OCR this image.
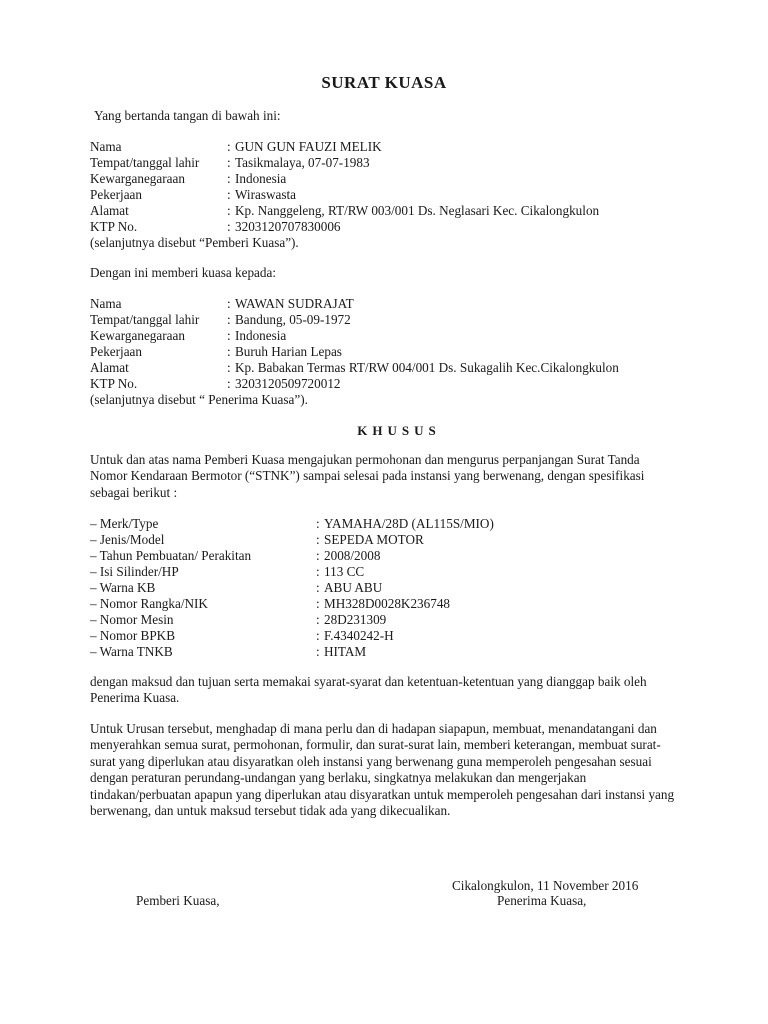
SURAT KUASA
Yang bertanda tangan di bawah ini:
Nama	: GUN GUN FAUZI MELIK
Tempat/tanggal lahir : Tasikmalaya, 07-07-1983
Kewarganegaraan	: Indonesia
Pekerjaan	: Wiraswasta
Alamat	: Kp. Nanggeleng, RT/RW 003/001 Ds. Neglasari Kec. Cikalongkulon
KTP No.	: 3203120707830006
(selanjutnya disebut “Pemberi Kuasa”).
Dengan ini memberi kuasa kepada:
Nama	: WAWAN SUDRAJAT
Tempat/tanggal lahir : Bandung, 05-09-1972
Kewarganegaraan	: Indonesia
Pekerjaan	: Buruh Harian Lepas
Alamat	: Kp. Babakan Termas RT/RW 004/001 Ds. Sukagalih Kec.Cikalongkulon
KTP No.	: 3203120509720012
(selanjutnya disebut “ Penerima Kuasa”).
KHUSUS
Untuk dan atas nama Pemberi Kuasa mengajukan permohonan dan mengurus perpanjangan Surat Tanda Nomor Kendaraan Bermotor (“STNK”) sampai selesai pada instansi yang berwenang, dengan spesifikasi sebagai berikut :
– Merk/Type	: YAMAHA/28D (AL115S/MIO)
– Jenis/Model	: SEPEDA MOTOR
– Tahun Pembuatan/ Perakitan	: 2008/2008
– Isi Silinder/HP	: 113 CC
– Warna KB	: ABU ABU
– Nomor Rangka/NIK	: MH328D0028K236748
– Nomor Mesin	: 28D231309
– Nomor BPKB	: F.4340242-H
– Warna TNKB	: HITAM
dengan maksud dan tujuan serta memakai syarat-syarat dan ketentuan-ketentuan yang dianggap baik oleh Penerima Kuasa.
Untuk Urusan tersebut, menghadap di mana perlu dan di hadapan siapapun, membuat, menandatangani dan menyerahkan semua surat, permohonan, formulir, dan surat-surat lain, memberi keterangan, membuat surat-surat yang diperlukan atau disyaratkan oleh instansi yang berwenang guna memperoleh pengesahan sesuai dengan peraturan perundang-undangan yang berlaku, singkatnya melakukan dan mengerjakan tindakan/perbuatan apapun yang diperlukan atau disyaratkan untuk memperoleh pengesahan dari instansi yang berwenang, dan untuk maksud tersebut tidak ada yang dikecualikan.
Cikalongkulon, 11 November 2016
Pemberi Kuasa,	Penerima Kuasa,
